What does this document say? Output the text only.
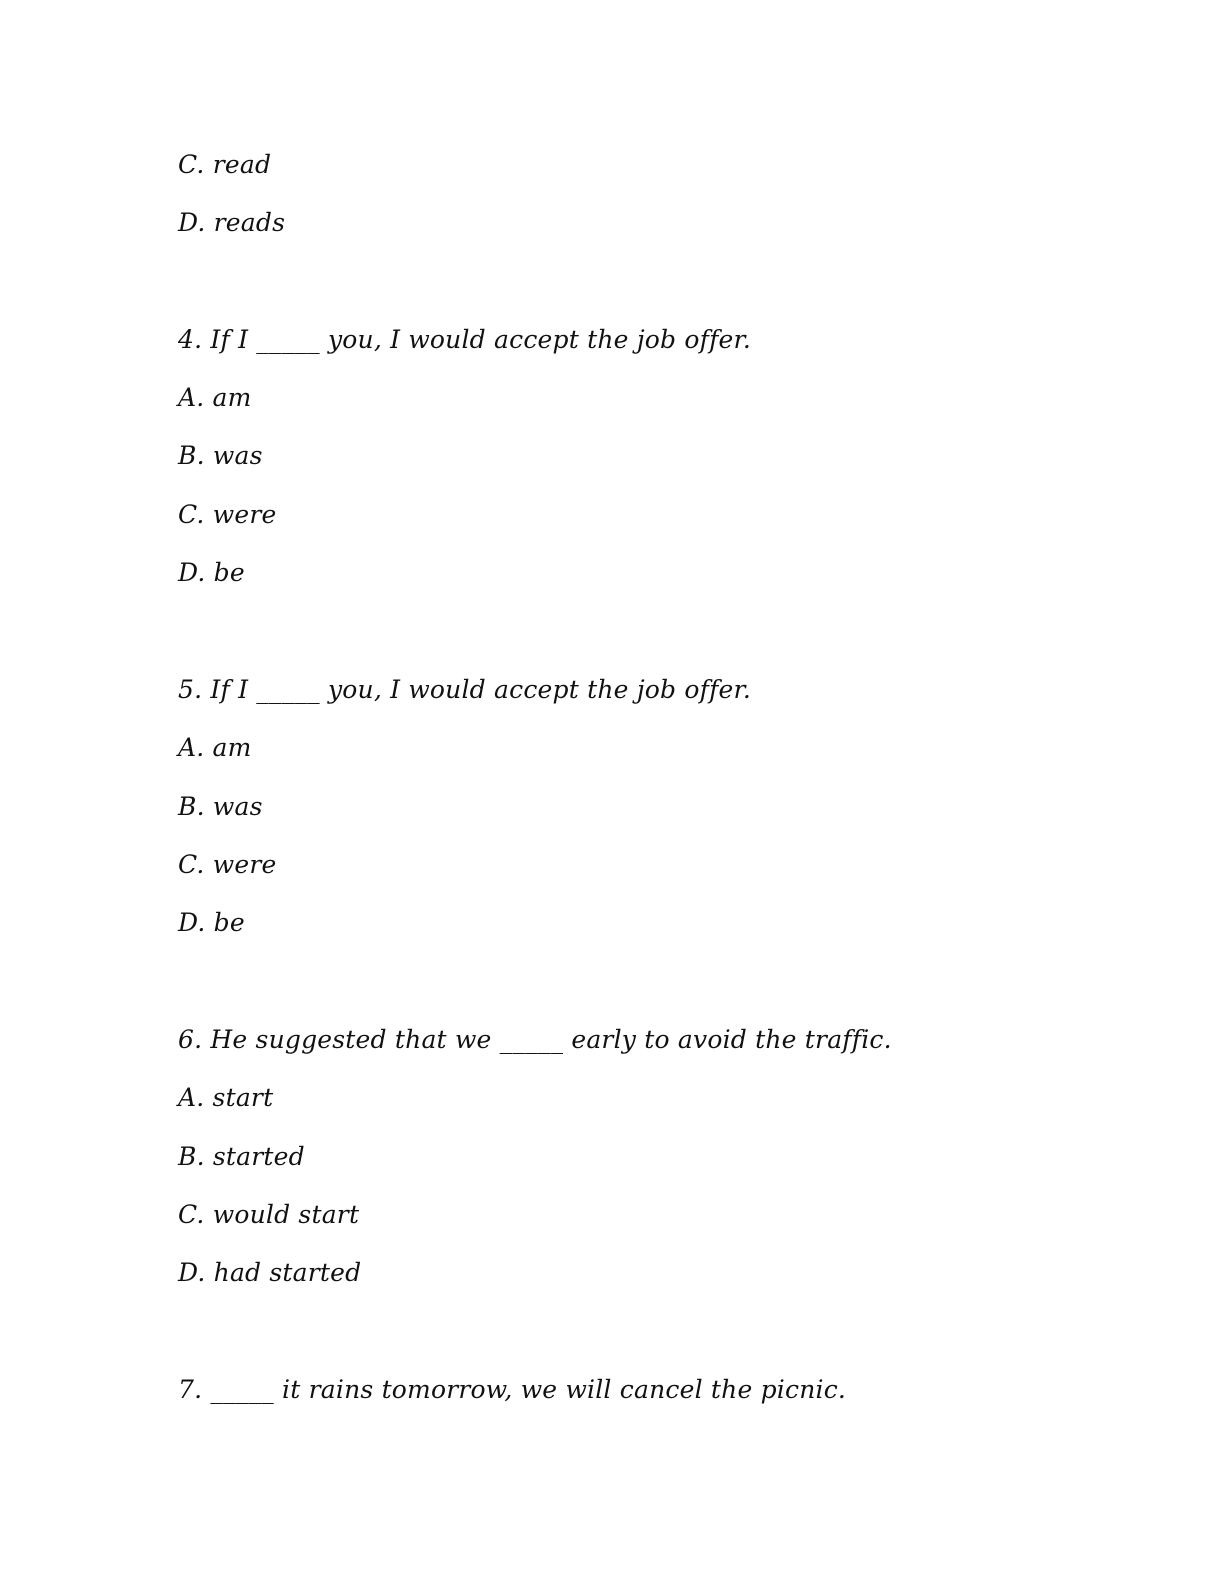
C. read
D. reads
4. If I _____ you, I would accept the job offer.
A. am
B. was
C. were
D. be
5. If I _____ you, I would accept the job offer.
A. am
B. was
C. were
D. be
6. He suggested that we _____ early to avoid the traffic.
A. start
B. started
C. would start
D. had started
7. _____ it rains tomorrow, we will cancel the picnic.
